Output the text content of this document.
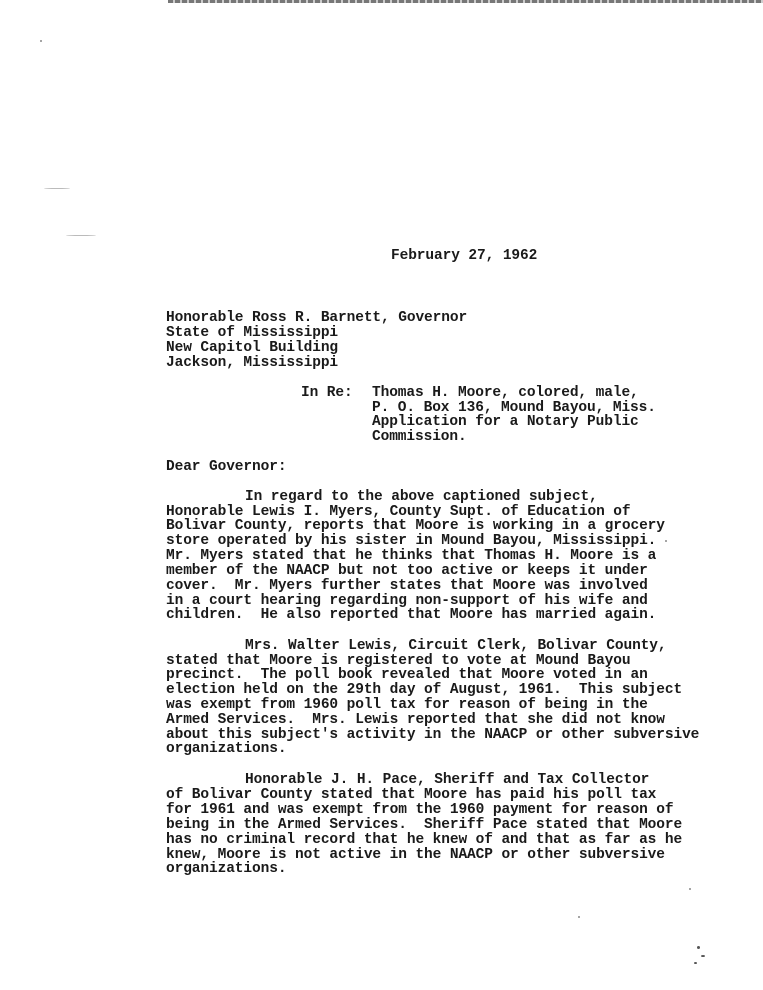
February 27, 1962
Honorable Ross R. Barnett, Governor
State of Mississippi
New Capitol Building
Jackson, Mississippi
In Re: Thomas H. Moore, colored, male,
P. O. Box 136, Mound Bayou, Miss.
Application for a Notary Public
Commission.
Dear Governor:
In regard to the above captioned subject,
Honorable Lewis I. Myers, County Supt. of Education of
Bolivar County, reports that Moore is working in a grocery
store operated by his sister in Mound Bayou, Mississippi.
Mr. Myers stated that he thinks that Thomas H. Moore is a
member of the NAACP but not too active or keeps it under
cover.  Mr. Myers further states that Moore was involved
in a court hearing regarding non-support of his wife and
children.  He also reported that Moore has married again.
Mrs. Walter Lewis, Circuit Clerk, Bolivar County,
stated that Moore is registered to vote at Mound Bayou
precinct.  The poll book revealed that Moore voted in an
election held on the 29th day of August, 1961.  This subject
was exempt from 1960 poll tax for reason of being in the
Armed Services.  Mrs. Lewis reported that she did not know
about this subject's activity in the NAACP or other subversive
organizations.
Honorable J. H. Pace, Sheriff and Tax Collector
of Bolivar County stated that Moore has paid his poll tax
for 1961 and was exempt from the 1960 payment for reason of
being in the Armed Services.  Sheriff Pace stated that Moore
has no criminal record that he knew of and that as far as he
knew, Moore is not active in the NAACP or other subversive
organizations.
